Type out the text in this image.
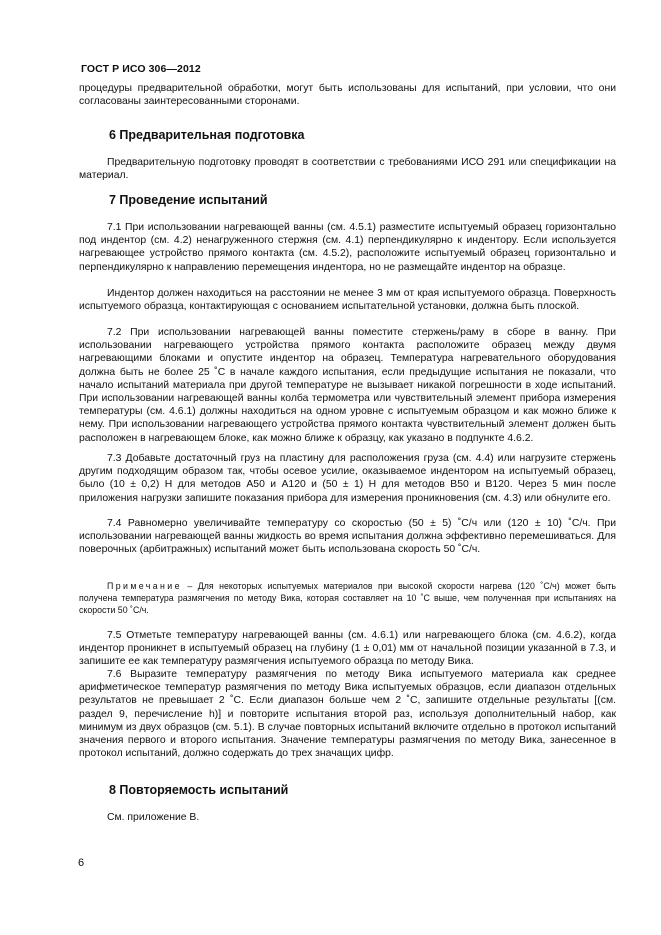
ГОСТ Р ИСО 306—2012

процедуры предварительной обработки, могут быть использованы для испытаний, при условии, что они согласованы заинтересованными сторонами.

6 Предварительная подготовка

Предварительную подготовку проводят в соответствии с требованиями ИСО 291 или спецификации на материал.

7 Проведение испытаний

7.1 При использовании нагревающей ванны (см. 4.5.1) разместите испытуемый образец горизонтально под индентор (см. 4.2) ненагруженного стержня (см. 4.1) перпендикулярно к индентору. Если используется нагревающее устройство прямого контакта (см. 4.5.2), расположите испытуемый образец горизонтально и перпендикулярно к направлению перемещения индентора, но не размещайте индентор на образце.

Индентор должен находиться на расстоянии не менее 3 мм от края испытуемого образца. Поверхность испытуемого образца, контактирующая с основанием испытательной установки, должна быть плоской.

7.2 При использовании нагревающей ванны поместите стержень/раму в сборе в ванну. При использовании нагревающего устройства прямого контакта расположите образец между двумя нагревающими блоками и опустите индентор на образец. Температура нагревательного оборудования должна быть не более 25 ˚С в начале каждого испытания, если предыдущие испытания не показали, что начало испытаний материала при другой температуре не вызывает никакой погрешности в ходе испытаний. При использовании нагревающей ванны колба термометра или чувствительный элемент прибора измерения температуры (см. 4.6.1) должны находиться на одном уровне с испытуемым образцом и как можно ближе к нему. При использовании нагревающего устройства прямого контакта чувствительный элемент должен быть расположен в нагревающем блоке, как можно ближе к образцу, как указано в подпункте 4.6.2.

7.3 Добавьте достаточный груз на пластину для расположения груза (см. 4.4) или нагрузите стержень другим подходящим образом так, чтобы осевое усилие, оказываемое индентором на испытуемый образец, было (10 ± 0,2) Н для методов А50 и А120 и (50 ± 1) Н для методов В50 и В120. Через 5 мин после приложения нагрузки запишите показания прибора для измерения проникновения (см. 4.3) или обнулите его.

7.4 Равномерно увеличивайте температуру со скоростью (50 ± 5) ˚С/ч или (120 ± 10) ˚С/ч. При использовании нагревающей ванны жидкость во время испытания должна эффективно перемешиваться. Для поверочных (арбитражных) испытаний может быть использована скорость 50 ˚С/ч.

Примечание – Для некоторых испытуемых материалов при высокой скорости нагрева (120 ˚С/ч) может быть получена температура размягчения по методу Вика, которая составляет на 10 ˚С выше, чем полученная при испытаниях на скорости 50 ˚С/ч.

7.5 Отметьте температуру нагревающей ванны (см. 4.6.1) или нагревающего блока (см. 4.6.2), когда индентор проникнет в испытуемый образец на глубину (1 ± 0,01) мм от начальной позиции указанной в 7.3, и запишите ее как температуру размягчения испытуемого образца по методу Вика.

7.6 Выразите температуру размягчения по методу Вика испытуемого материала как среднее арифметическое температур размягчения по методу Вика испытуемых образцов, если диапазон отдельных результатов не превышает 2 ˚С. Если диапазон больше чем 2 ˚С, запишите отдельные результаты [(см. раздел 9, перечисление h)] и повторите испытания второй раз, используя дополнительный набор, как минимум из двух образцов (см. 5.1). В случае повторных испытаний включите отдельно в протокол испытаний значения первого и второго испытания. Значение температуры размягчения по методу Вика, занесенное в протокол испытаний, должно содержать до трех значащих цифр.

8 Повторяемость испытаний

См. приложение В.

6
